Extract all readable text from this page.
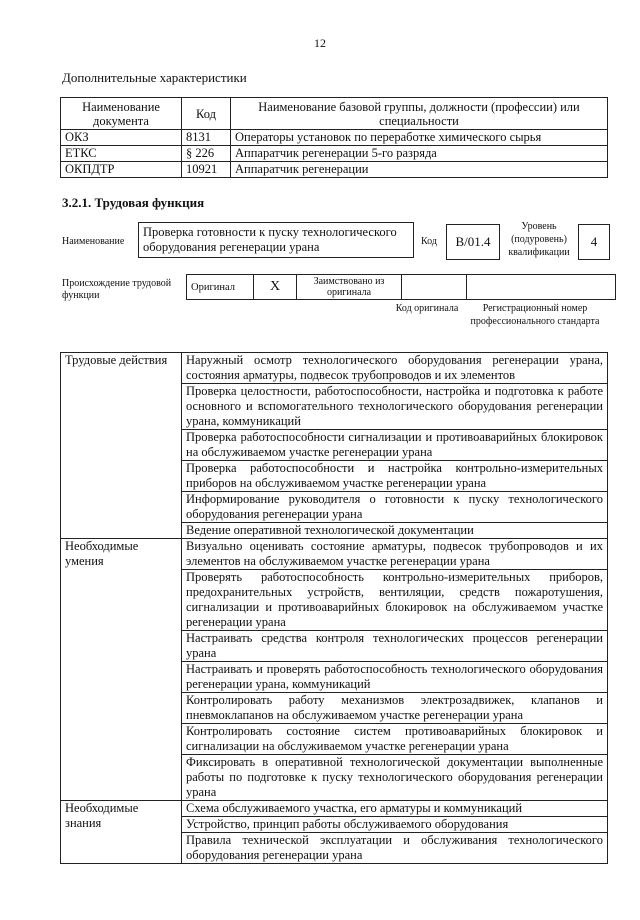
12
Дополнительные характеристики
Наименование документа	Код	Наименование базовой группы, должности (профессии) или специальности
ОКЗ	8131	Операторы установок по переработке химического сырья
ЕТКС	§ 226	Аппаратчик регенерации 5-го разряда
ОКПДТР	10921	Аппаратчик регенерации
3.2.1. Трудовая функция
Наименование
Проверка готовности к пуску технологического оборудования регенерации урана	Код	B/01.4
Уровень (подуровень) квалификации
4
Происхождение трудовой функции
Оригинал	X	Заимствовано из оригинала		
Код оригинала	Регистрационный номер профессионального стандарта
Трудовые действия	Наружный осмотр технологического оборудования регенерации урана, состояния арматуры, подвесок трубопроводов и их элементов
	Проверка целостности, работоспособности, настройка и подготовка к работе основного и вспомогательного технологического оборудования регенерации урана, коммуникаций
	Проверка работоспособности сигнализации и противоаварийных блокировок на обслуживаемом участке регенерации урана
	Проверка работоспособности и настройка контрольно-измерительных приборов на обслуживаемом участке регенерации урана
	Информирование руководителя о готовности к пуску технологического оборудования регенерации урана
	Ведение оперативной технологической документации
Необходимые умения	Визуально оценивать состояние арматуры, подвесок трубопроводов и их элементов на обслуживаемом участке регенерации урана
	Проверять работоспособность контрольно-измерительных приборов, предохранительных устройств, вентиляции, средств пожаротушения, сигнализации и противоаварийных блокировок на обслуживаемом участке регенерации урана
	Настраивать средства контроля технологических процессов регенерации урана
	Настраивать и проверять работоспособность технологического оборудования регенерации урана, коммуникаций
	Контролировать работу механизмов электрозадвижек, клапанов и пневмоклапанов на обслуживаемом участке регенерации урана
	Контролировать состояние систем противоаварийных блокировок и сигнализации на обслуживаемом участке регенерации урана
	Фиксировать в оперативной технологической документации выполненные работы по подготовке к пуску технологического оборудования регенерации урана
Необходимые знания	Схема обслуживаемого участка, его арматуры и коммуникаций
	Устройство, принцип работы обслуживаемого оборудования
	Правила технической эксплуатации и обслуживания технологического оборудования регенерации урана
